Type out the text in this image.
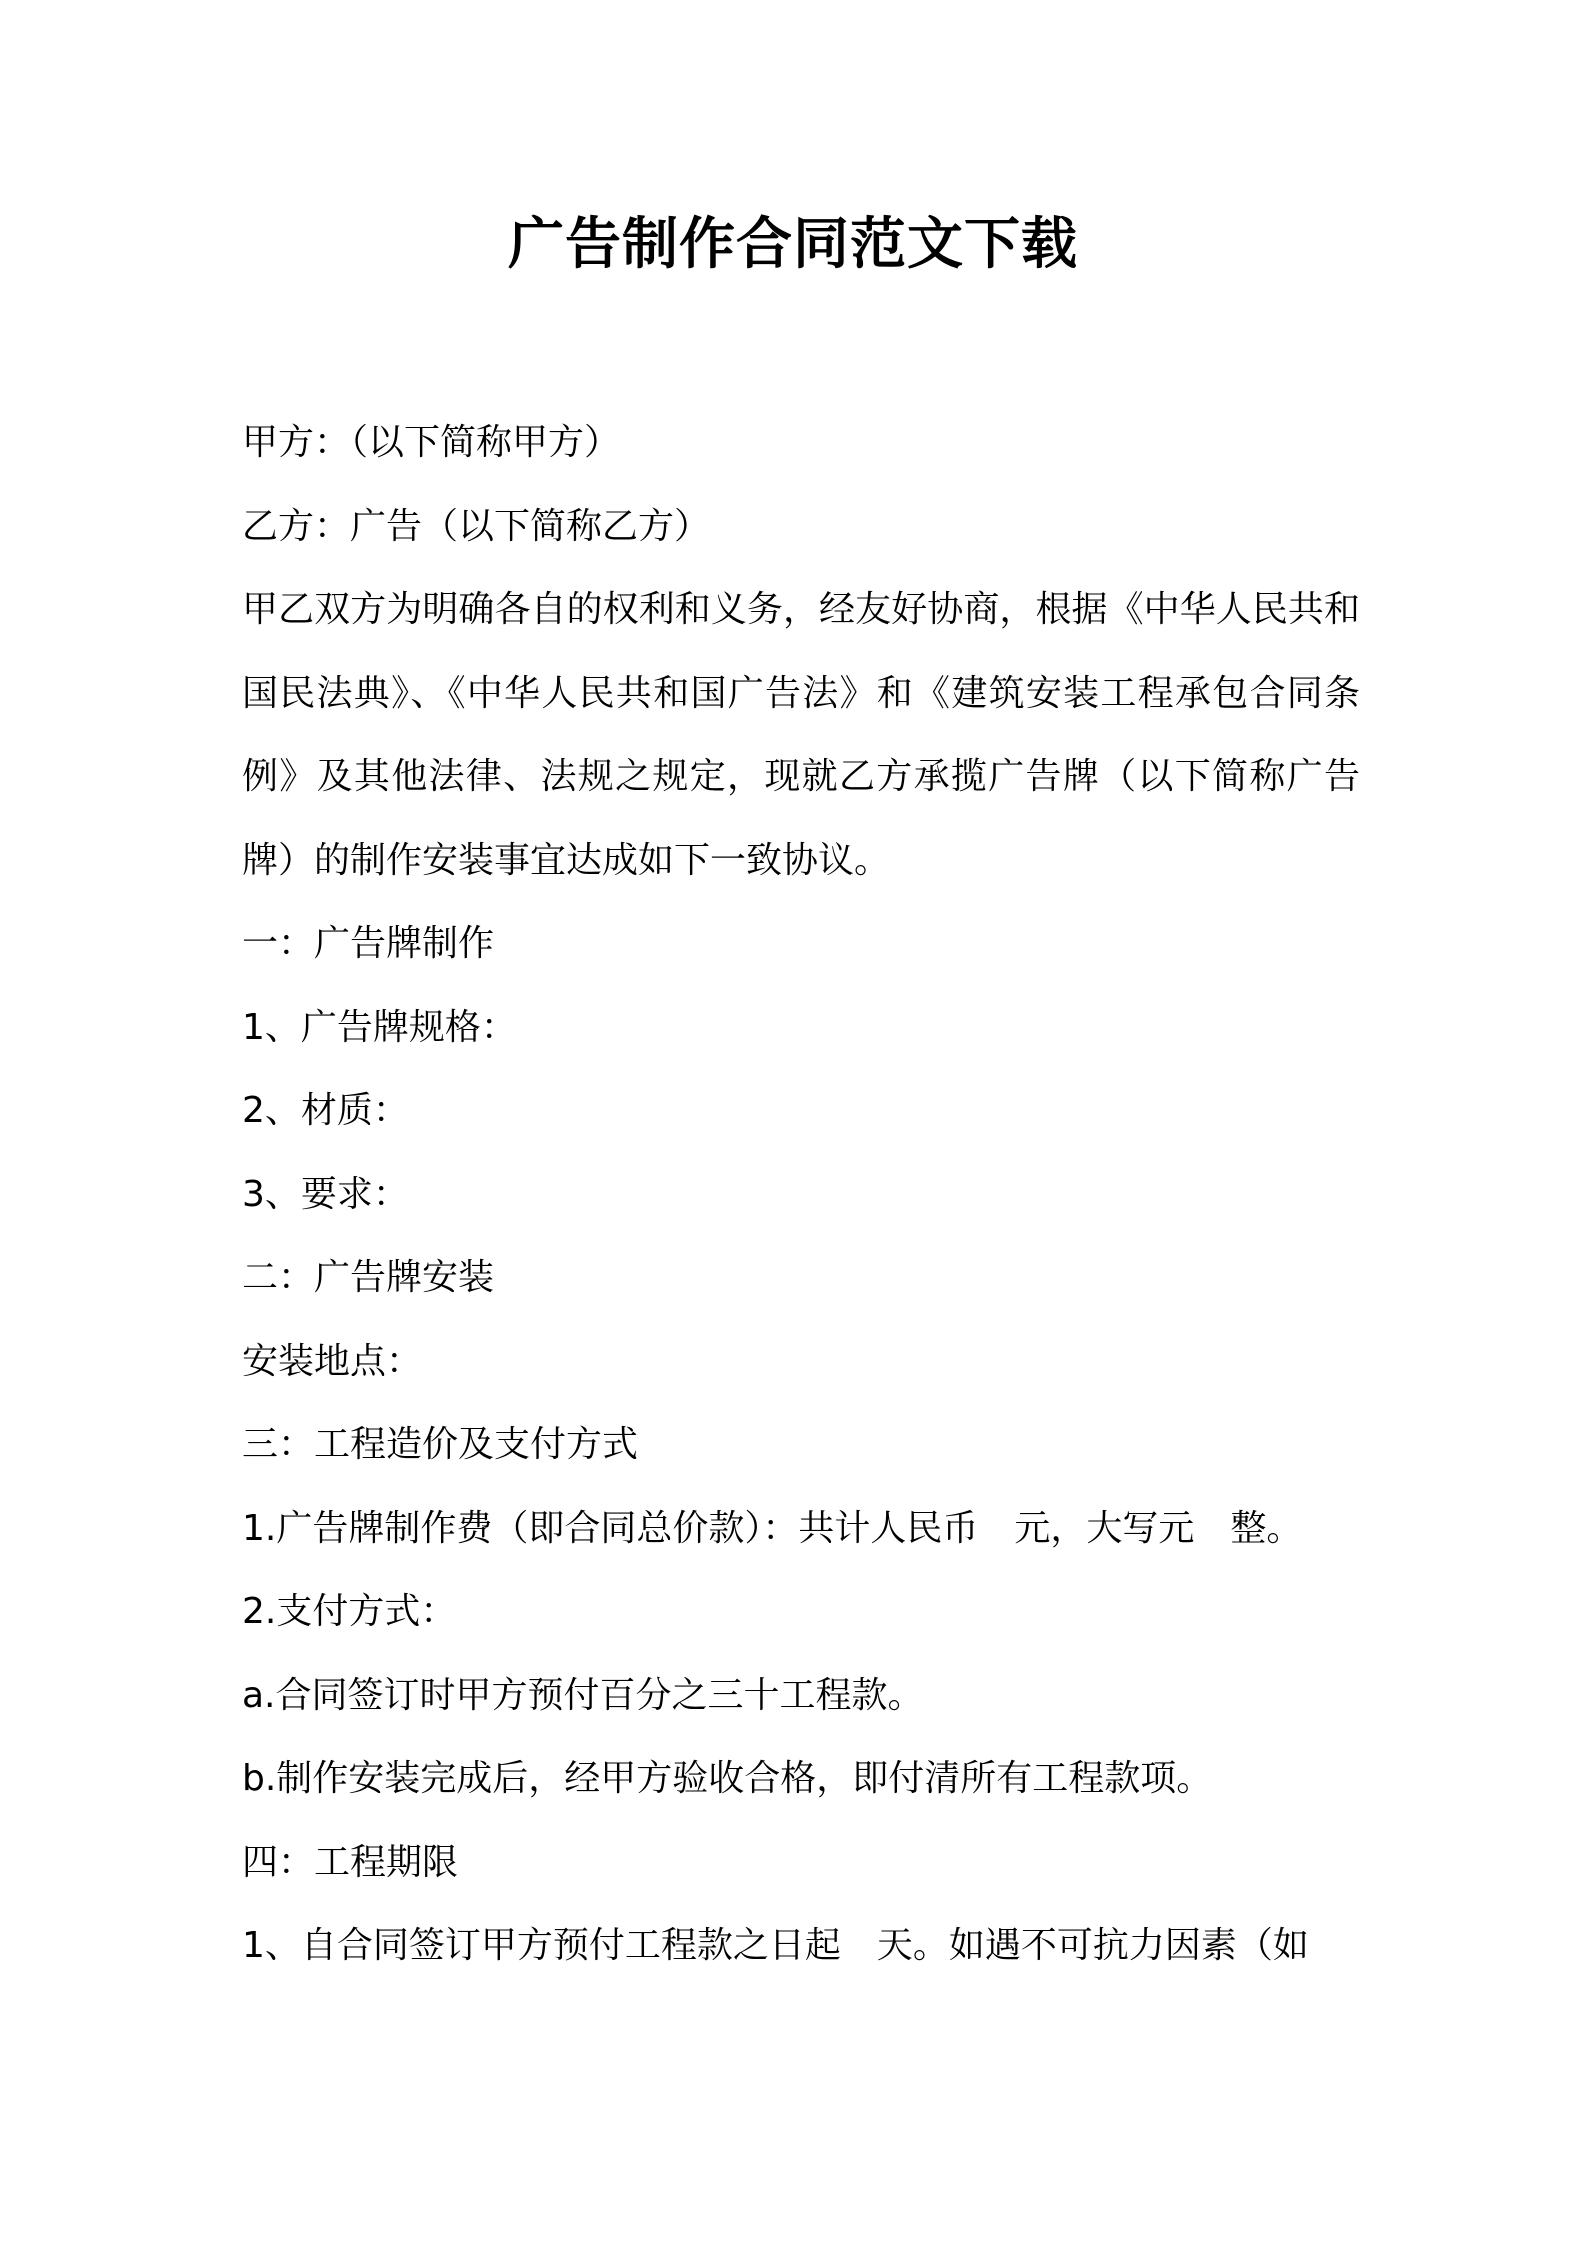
广告制作合同范文下载
甲方：（以下简称甲方）
乙方：广告（以下简称乙方）
甲乙双方为明确各自的权利和义务，经友好协商，根据《中华人民共和国民法典》、《中华人民共和国广告法》和《建筑安装工程承包合同条例》及其他法律、法规之规定，现就乙方承揽广告牌（以下简称广告牌）的制作安装事宜达成如下一致协议。
一：广告牌制作
1、广告牌规格：
2、材质：
3、要求：
二：广告牌安装
安装地点：
三：工程造价及支付方式
1.广告牌制作费（即合同总价款）：共计人民币　元，大写元　整。
2.支付方式：
a.合同签订时甲方预付百分之三十工程款。
b.制作安装完成后，经甲方验收合格，即付清所有工程款项。
四：工程期限
1、自合同签订甲方预付工程款之日起　天。如遇不可抗力因素（如
